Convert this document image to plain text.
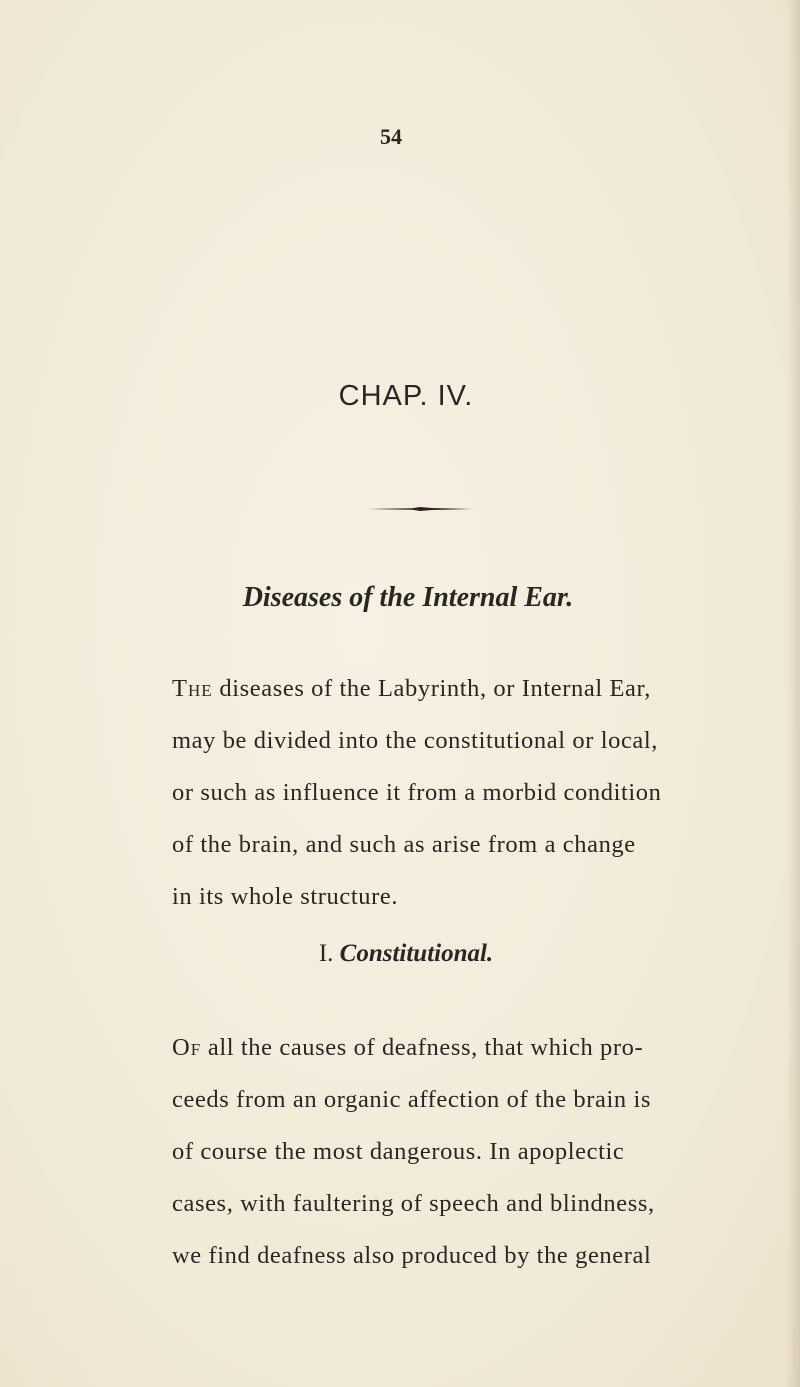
54
CHAP. IV.
Diseases of the Internal Ear.
The diseases of the Labyrinth, or Internal Ear,
may be divided into the constitutional or local,
or such as influence it from a morbid condition
of the brain, and such as arise from a change
in its whole structure.
I. Constitutional.
Of all the causes of deafness, that which pro-
ceeds from an organic affection of the brain is
of course the most dangerous. In apoplectic
cases, with faultering of speech and blindness,
we find deafness also produced by the general
